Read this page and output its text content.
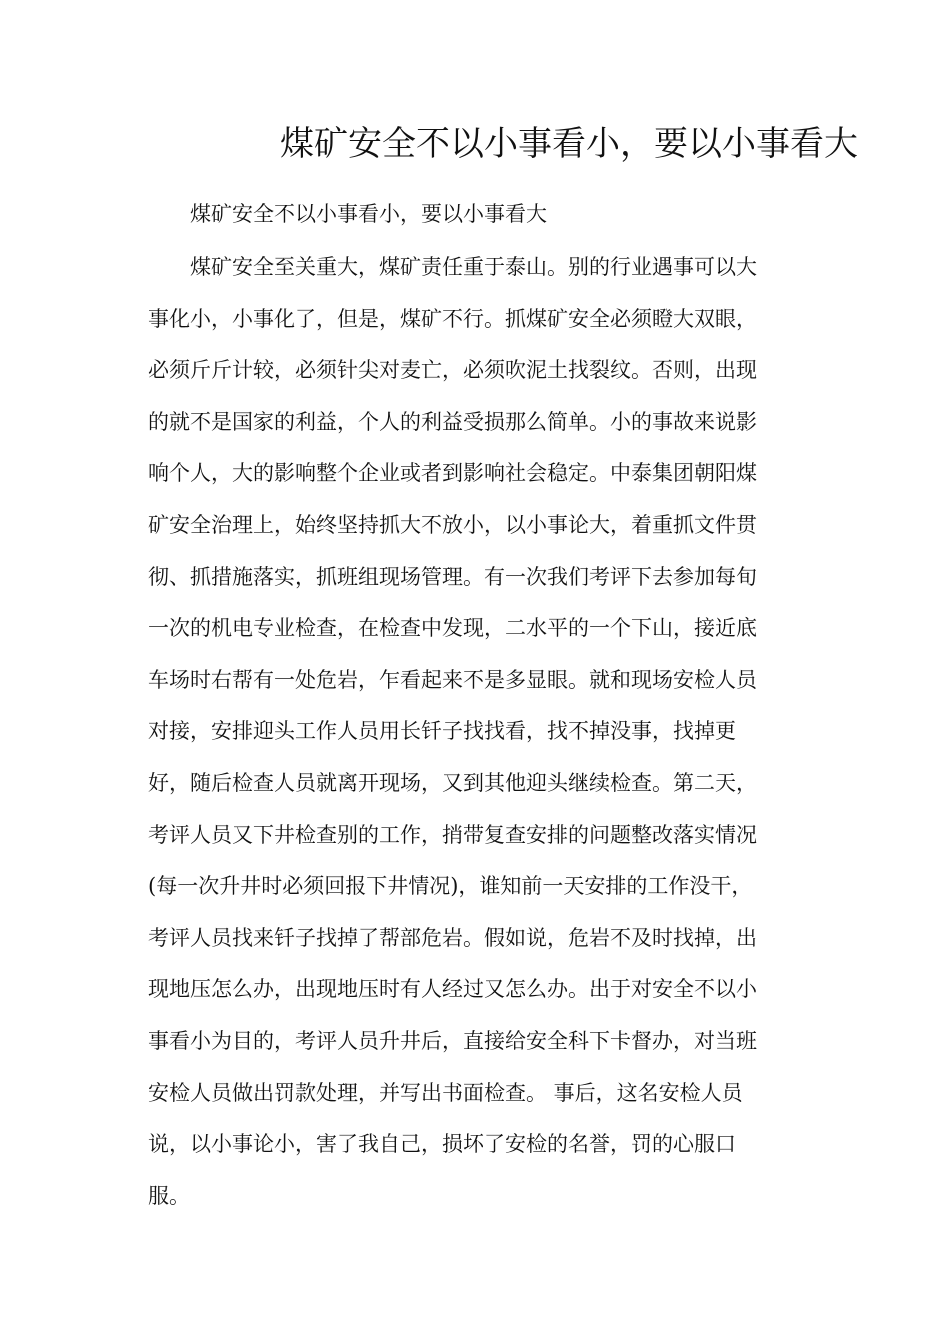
煤矿安全不以小事看小，要以小事看大

煤矿安全不以小事看小，要以小事看大

煤矿安全至关重大，煤矿责任重于泰山。别的行业遇事可以大
事化小，小事化了，但是，煤矿不行。抓煤矿安全必须瞪大双眼，
必须斤斤计较，必须针尖对麦亡，必须吹泥土找裂纹。否则，出现
的就不是国家的利益，个人的利益受损那么简单。小的事故来说影
响个人，大的影响整个企业或者到影响社会稳定。中泰集团朝阳煤
矿安全治理上，始终坚持抓大不放小，以小事论大，着重抓文件贯
彻、抓措施落实，抓班组现场管理。有一次我们考评下去参加每旬
一次的机电专业检查，在检查中发现，二水平的一个下山，接近底
车场时右帮有一处危岩，乍看起来不是多显眼。就和现场安检人员
对接，安排迎头工作人员用长钎子找找看，找不掉没事，找掉更
好，随后检查人员就离开现场，又到其他迎头继续检查。第二天，
考评人员又下井检查别的工作，捎带复查安排的问题整改落实情况
(每一次升井时必须回报下井情况)，谁知前一天安排的工作没干，
考评人员找来钎子找掉了帮部危岩。假如说，危岩不及时找掉，出
现地压怎么办，出现地压时有人经过又怎么办。出于对安全不以小
事看小为目的，考评人员升井后，直接给安全科下卡督办，对当班
安检人员做出罚款处理，并写出书面检查。 事后，这名安检人员
说，以小事论小，害了我自己，损坏了安检的名誉，罚的心服口
服。
